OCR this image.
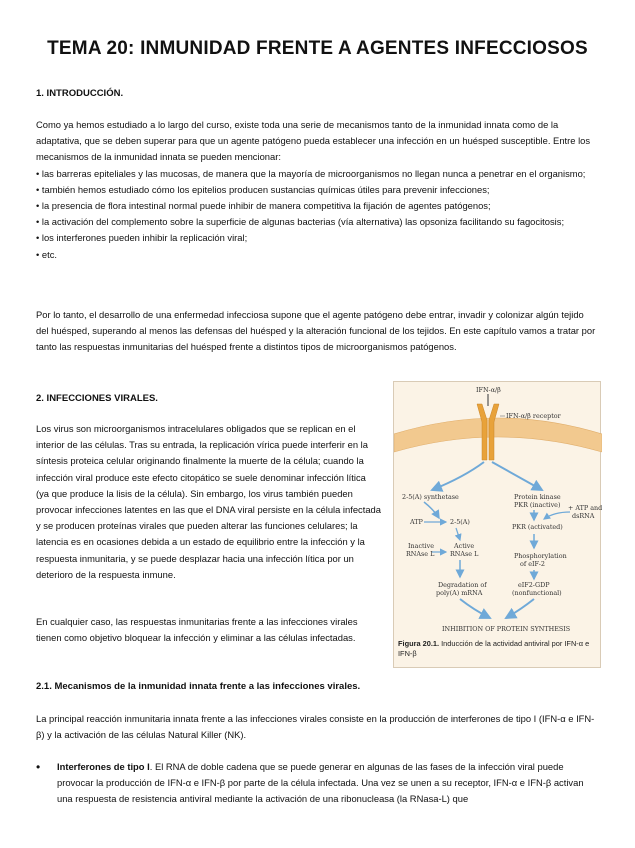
TEMA 20: INMUNIDAD FRENTE A AGENTES INFECCIOSOS
1. INTRODUCCIÓN.
Como ya hemos estudiado a lo largo del curso, existe toda una serie de mecanismos tanto de la inmunidad innata como de la adaptativa, que se deben superar para que un agente patógeno pueda establecer una infección en un huésped susceptible. Entre los mecanismos de la inmunidad innata se pueden mencionar:
• las barreras epiteliales y las mucosas, de manera que la mayoría de microorganismos no llegan nunca a penetrar en el organismo;
• también hemos estudiado cómo los epitelios producen sustancias químicas útiles para prevenir infecciones;
• la presencia de flora intestinal normal puede inhibir de manera competitiva la fijación de agentes patógenos;
• la activación del complemento sobre la superficie de algunas bacterias (vía alternativa) las opsoniza facilitando su fagocitosis;
• los interferones pueden inhibir la replicación viral;
• etc.
Por lo tanto, el desarrollo de una enfermedad infecciosa supone que el agente patógeno debe entrar, invadir y colonizar algún tejido del huésped, superando al menos las defensas del huésped y la alteración funcional de los tejidos. En este capítulo vamos a tratar por tanto las respuestas inmunitarias del huésped frente a distintos tipos de microorganismos patógenos.
2. INFECCIONES VIRALES.
Los virus son microorganismos intracelulares obligados que se replican en el interior de las células. Tras su entrada, la replicación vírica puede interferir en la síntesis proteica celular originando finalmente la muerte de la célula; cuando la infección viral produce este efecto citopático se suele denominar infección lítica (ya que produce la lisis de la célula). Sin embargo, los virus también pueden provocar infecciones latentes en las que el DNA viral persiste en la célula infectada y se producen proteínas virales que pueden alterar las funciones celulares; la latencia es en ocasiones debida a un estado de equilibrio entre la infección y la respuesta inmunitaria, y se puede desplazar hacia una infección lítica por un deterioro de la respuesta inmune.
En cualquier caso, las respuestas inmunitarias frente a las infecciones virales tienen como objetivo bloquear la infección y eliminar a las células infectadas.
2.1. Mecanismos de la inmunidad innata frente a las infecciones virales.
La principal reacción inmunitaria innata frente a las infecciones virales consiste en la producción de interferones de tipo I (IFN-α e IFN-β) y la activación de las células Natural Killer (NK).
• Interferones de tipo I. El RNA de doble cadena que se puede generar en algunas de las fases de la infección viral puede provocar la producción de IFN-α e IFN-β por parte de la célula infectada. Una vez se unen a su receptor, IFN-α e IFN-β activan una respuesta de resistencia antiviral mediante la activación de una ribonucleasa (la RNasa-L) que
IFN-α/β
IFN-α/β receptor
2-5(A) synthetase	Protein kinase
PKR (inactive) + ATP and
dsRNA
ATP	2-5(A)
Inactive
RNAse L
Active
RNAse L
Degradation of
poly(A) mRNA
PKR (activated)
Phosphorylation
of eIF-2
eIF2-GDP
(nonfunctional)
INHIBITION OF PROTEIN SYNTHESIS
Figura 20.1. Inducción de la actividad antiviral por IFN-α e IFN-β
